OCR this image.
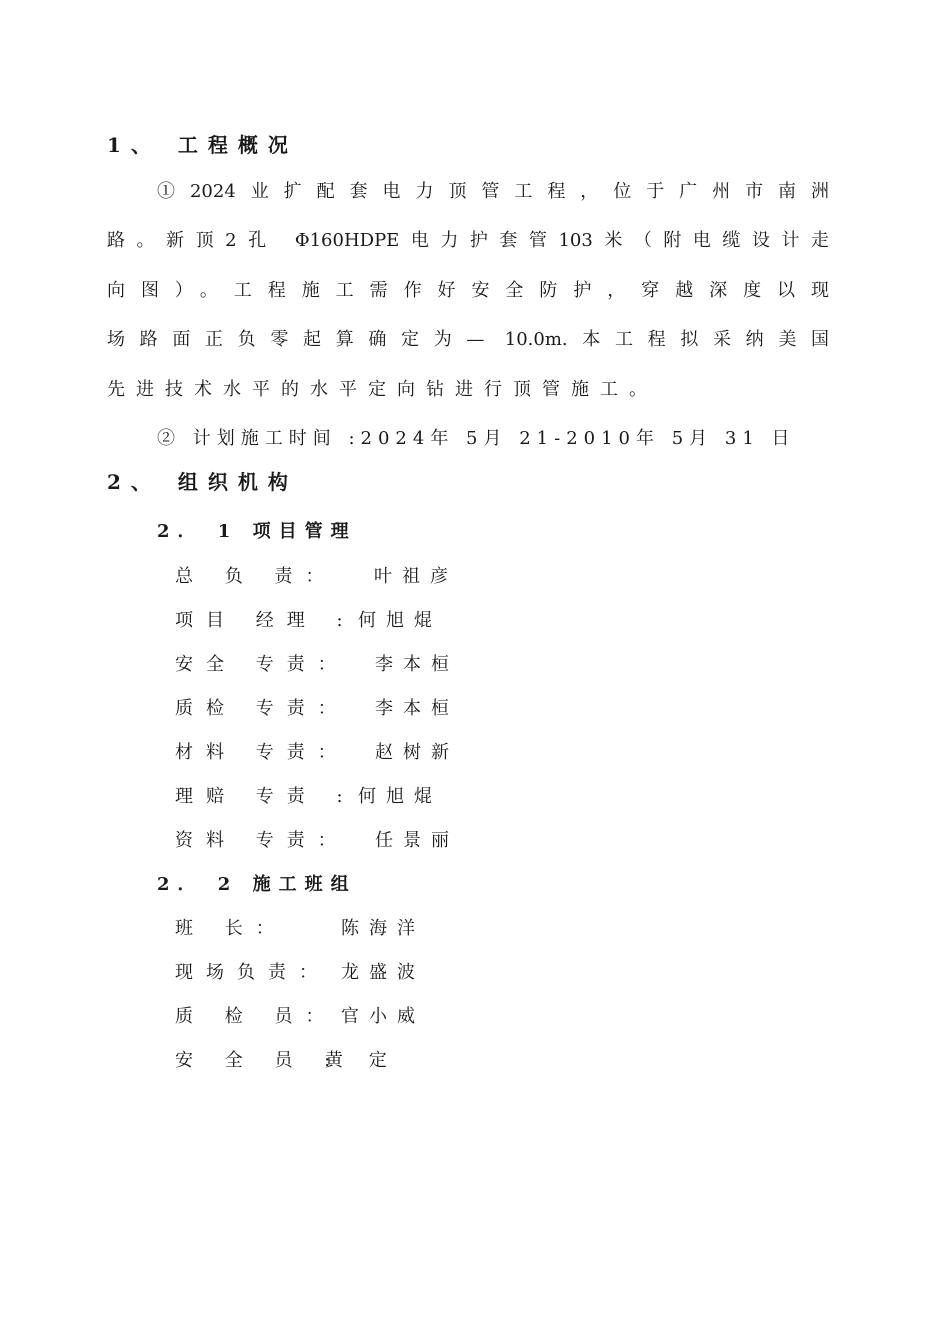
1、 工程概况
①2024业扩配套电力顶管工程，位于广州市南洲
路。新顶2孔 Φ160HDPE电力护套管103米（附电缆设计走
向图）。工程施工需作好安全防护，穿越深度以现
场路面正负零起算确定为— 10.0m.本工程拟采纳美国
先进技术水平的水平定向钻进行顶管施工。
② 计划施工时间 :2024年 5月 21-2010年 5月 31 日
2、 组织机构
2． 1 项目管理
总 负 责： 叶祖彦
项目 经理 : 何旭焜
安全 专责： 李本桓
质检 专责： 李本桓
材料 专责： 赵树新
理赔 专责 : 何旭焜
资料 专责： 任景丽
2． 2 施工班组
班 长：	陈海洋
现场负责： 龙盛波
质 检 员： 官小威
安 全 员 :
黄 定
